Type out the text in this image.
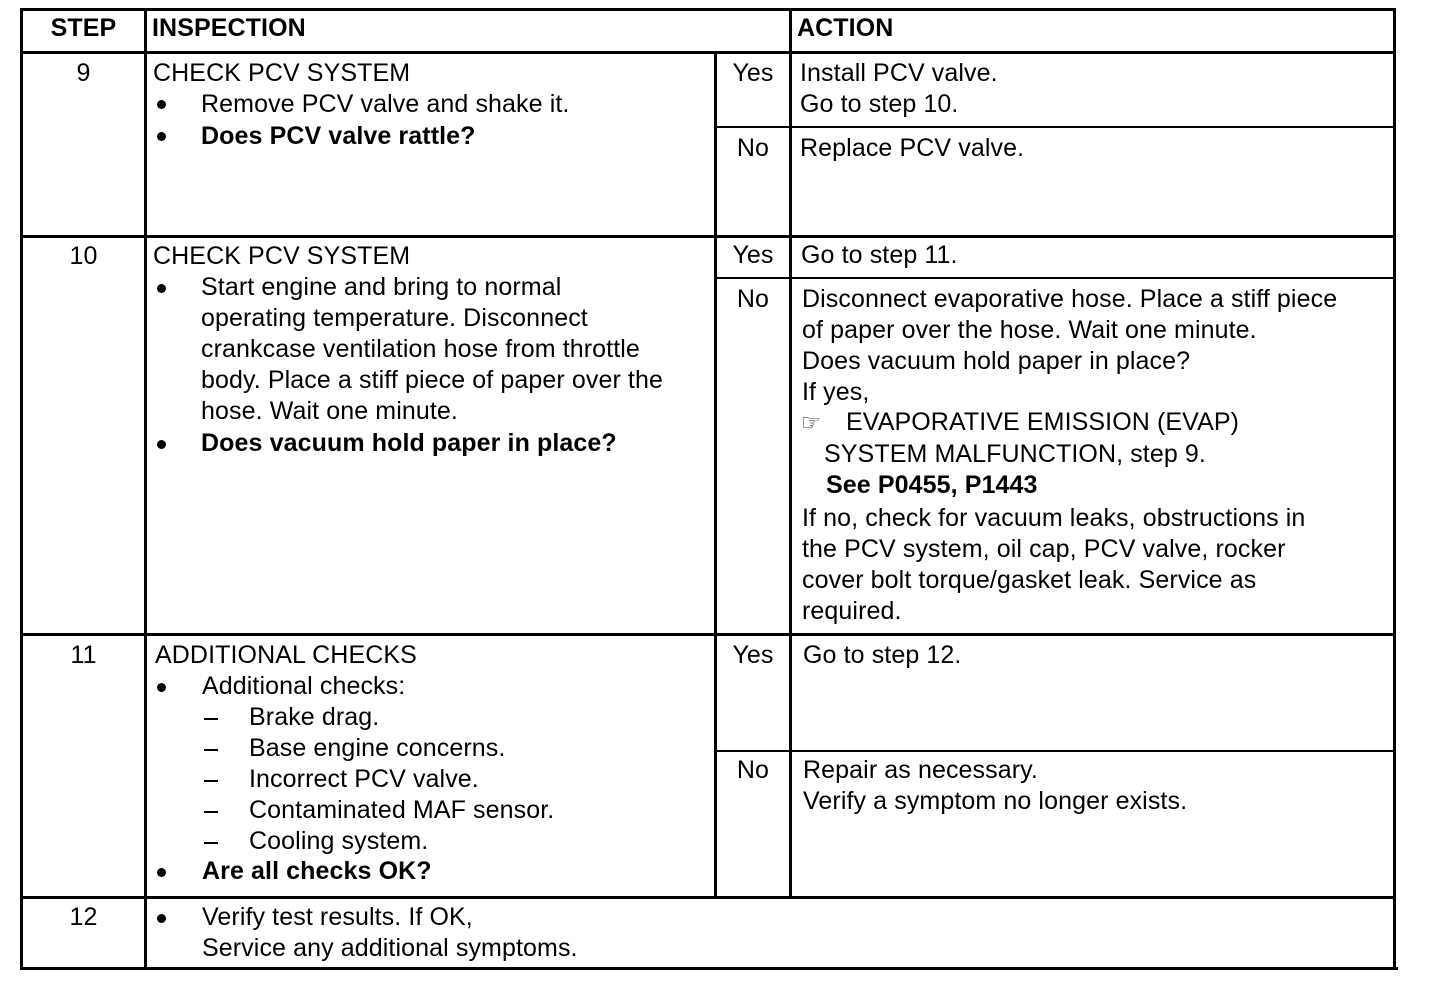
STEP	INSPECTION	ACTION
9	CHECK PCV SYSTEM
Remove PCV valve and shake it.
Does PCV valve rattle?
Yes	Install PCV valve.
Go to step 10.
No	Replace PCV valve.
10	CHECK PCV SYSTEM
Start engine and bring to normal
operating temperature. Disconnect
crankcase ventilation hose from throttle
body. Place a stiff piece of paper over the
hose. Wait one minute.
Does vacuum hold paper in place?
Yes	Go to step 11.
No	Disconnect evaporative hose. Place a stiff piece
of paper over the hose. Wait one minute.
Does vacuum hold paper in place?
If yes,
☞ EVAPORATIVE EMISSION (EVAP)
SYSTEM MALFUNCTION, step 9.
See P0455, P1443
If no, check for vacuum leaks, obstructions in
the PCV system, oil cap, PCV valve, rocker
cover bolt torque/gasket leak. Service as
required.
11	ADDITIONAL CHECKS
Additional checks:
Brake drag.
Base engine concerns.
Incorrect PCV valve.
Contaminated MAF sensor.
Cooling system.
Are all checks OK?
Yes	Go to step 12.
No	Repair as necessary.
Verify a symptom no longer exists.
12	Verify test results. If OK,
Service any additional symptoms.
